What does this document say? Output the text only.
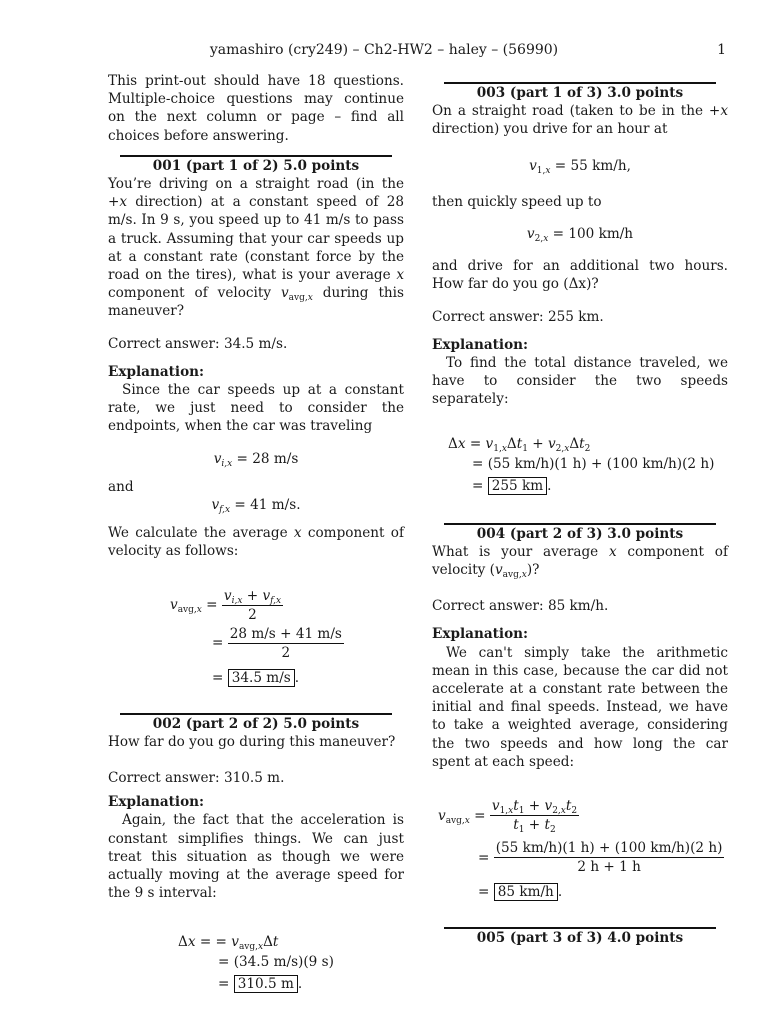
yamashiro (cry249) – Ch2-HW2 – haley – (56990)	1

This print-out should have 18 questions. Multiple-choice questions may continue on the next column or page – find all choices before answering.

001 (part 1 of 2) 5.0 points

You’re driving on a straight road (in the +x direction) at a constant speed of 28 m/s. In 9 s, you speed up to 41 m/s to pass a truck. Assuming that your car speeds up at a constant rate (constant force by the road on the tires), what is your average x component of velocity $v_{avg,x}$ during this maneuver?

Correct answer: 34.5 m/s.

Explanation:

Since the car speeds up at a constant rate, we just need to consider the endpoints, when the car was traveling

$v_{i,x} = 28$ m/s

and

$v_{f,x} = 41$ m/s.

We calculate the average x component of velocity as follows:

$v_{avg,x} = \frac{v_{i,x} + v_{f,x}}{2}$
= $\frac{28 m/s + 41 m/s}{2}$
= 34.5 m/s .
002 (part 2 of 2) 5.0 points

How far do you go during this maneuver?

Correct answer: 310.5 m.

Explanation:

Again, the fact that the acceleration is constant simplifies things. We can just treat this situation as though we were actually moving at the average speed for the 9 s interval:

Δx = = $v_{avg,x}\Delta t$
= (34.5 m/s)(9 s)
= 310.5 m .
003 (part 1 of 3) 3.0 points

On a straight road (taken to be in the +x direction) you drive for an hour at

$v_{1,x} = 55$ km/h,

then quickly speed up to

$v_{2,x} = 100$ km/h

and drive for an additional two hours. How far do you go (Δx)?

Correct answer: 255 km.

Explanation:

To find the total distance traveled, we have to consider the two speeds separately:

$\Delta x = v_{1,x}\Delta t_1 + v_{2,x}\Delta t_2$
= (55 km/h)(1 h) + (100 km/h)(2 h)
= 255 km .
004 (part 2 of 3) 3.0 points

What is your average x component of velocity $(v_{avg,x})$?

Correct answer: 85 km/h.

Explanation:

We can't simply take the arithmetic mean in this case, because the car did not accelerate at a constant rate between the initial and final speeds. Instead, we have to take a weighted average, considering the two speeds and how long the car spent at each speed:

$v_{avg,x} = \frac{v_{1,x}t_1 + v_{2,x}t_2}{t_1 + t_2}$
= $\frac{(55 km/h)(1 h) + (100 km/h)(2 h)}{2 h + 1 h}$
= 85 km/h .
005 (part 3 of 3) 4.0 points
